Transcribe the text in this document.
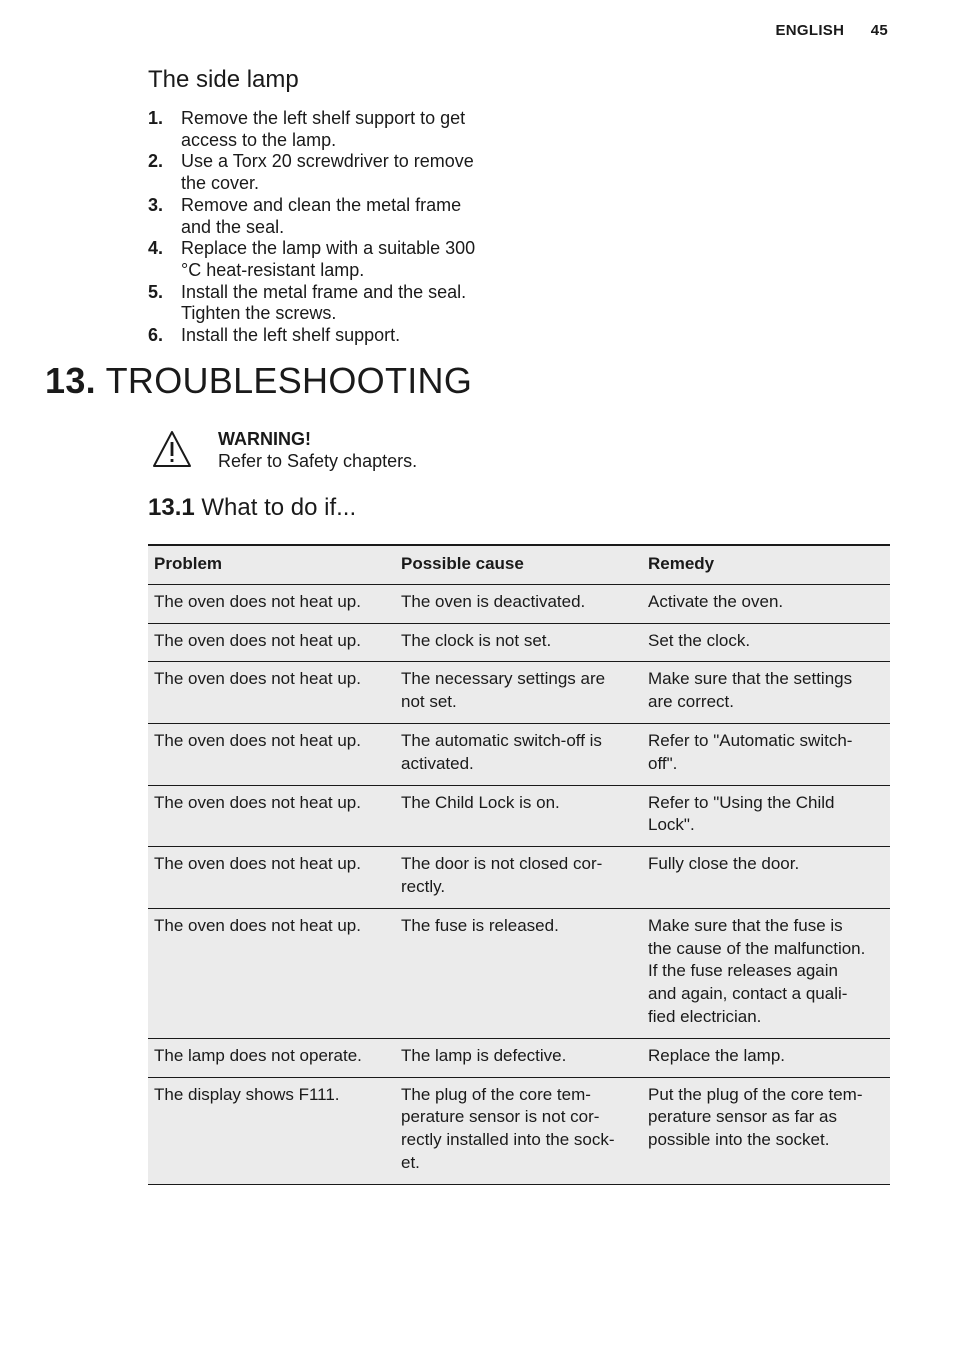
ENGLISH 45
The side lamp
1. Remove the left shelf support to get
access to the lamp.
2. Use a Torx 20 screwdriver to remove
the cover.
3. Remove and clean the metal frame
and the seal.
4. Replace the lamp with a suitable 300
°C heat-resistant lamp.
5. Install the metal frame and the seal.
Tighten the screws.
6. Install the left shelf support.
13. TROUBLESHOOTING
WARNING!
Refer to Safety chapters.
13.1 What to do if...
Problem	Possible cause	Remedy

The oven does not heat up.	The oven is deactivated.	Activate the oven.

The oven does not heat up.	The clock is not set.	Set the clock.

The oven does not heat up.	The necessary settings are
not set.	Make sure that the settings
are correct.

The oven does not heat up.	The automatic switch-off is
activated.	Refer to "Automatic switch-
off".

The oven does not heat up.	The Child Lock is on.	Refer to "Using the Child
Lock".

The oven does not heat up.	The door is not closed cor-
rectly.	Fully close the door.

The oven does not heat up.	The fuse is released.	Make sure that the fuse is
the cause of the malfunction.
If the fuse releases again
and again, contact a quali-
fied electrician.

The lamp does not operate.	The lamp is defective.	Replace the lamp.

The display shows F111.	The plug of the core tem-
perature sensor is not cor-
rectly installed into the sock-
et.	Put the plug of the core tem-
perature sensor as far as
possible into the socket.
